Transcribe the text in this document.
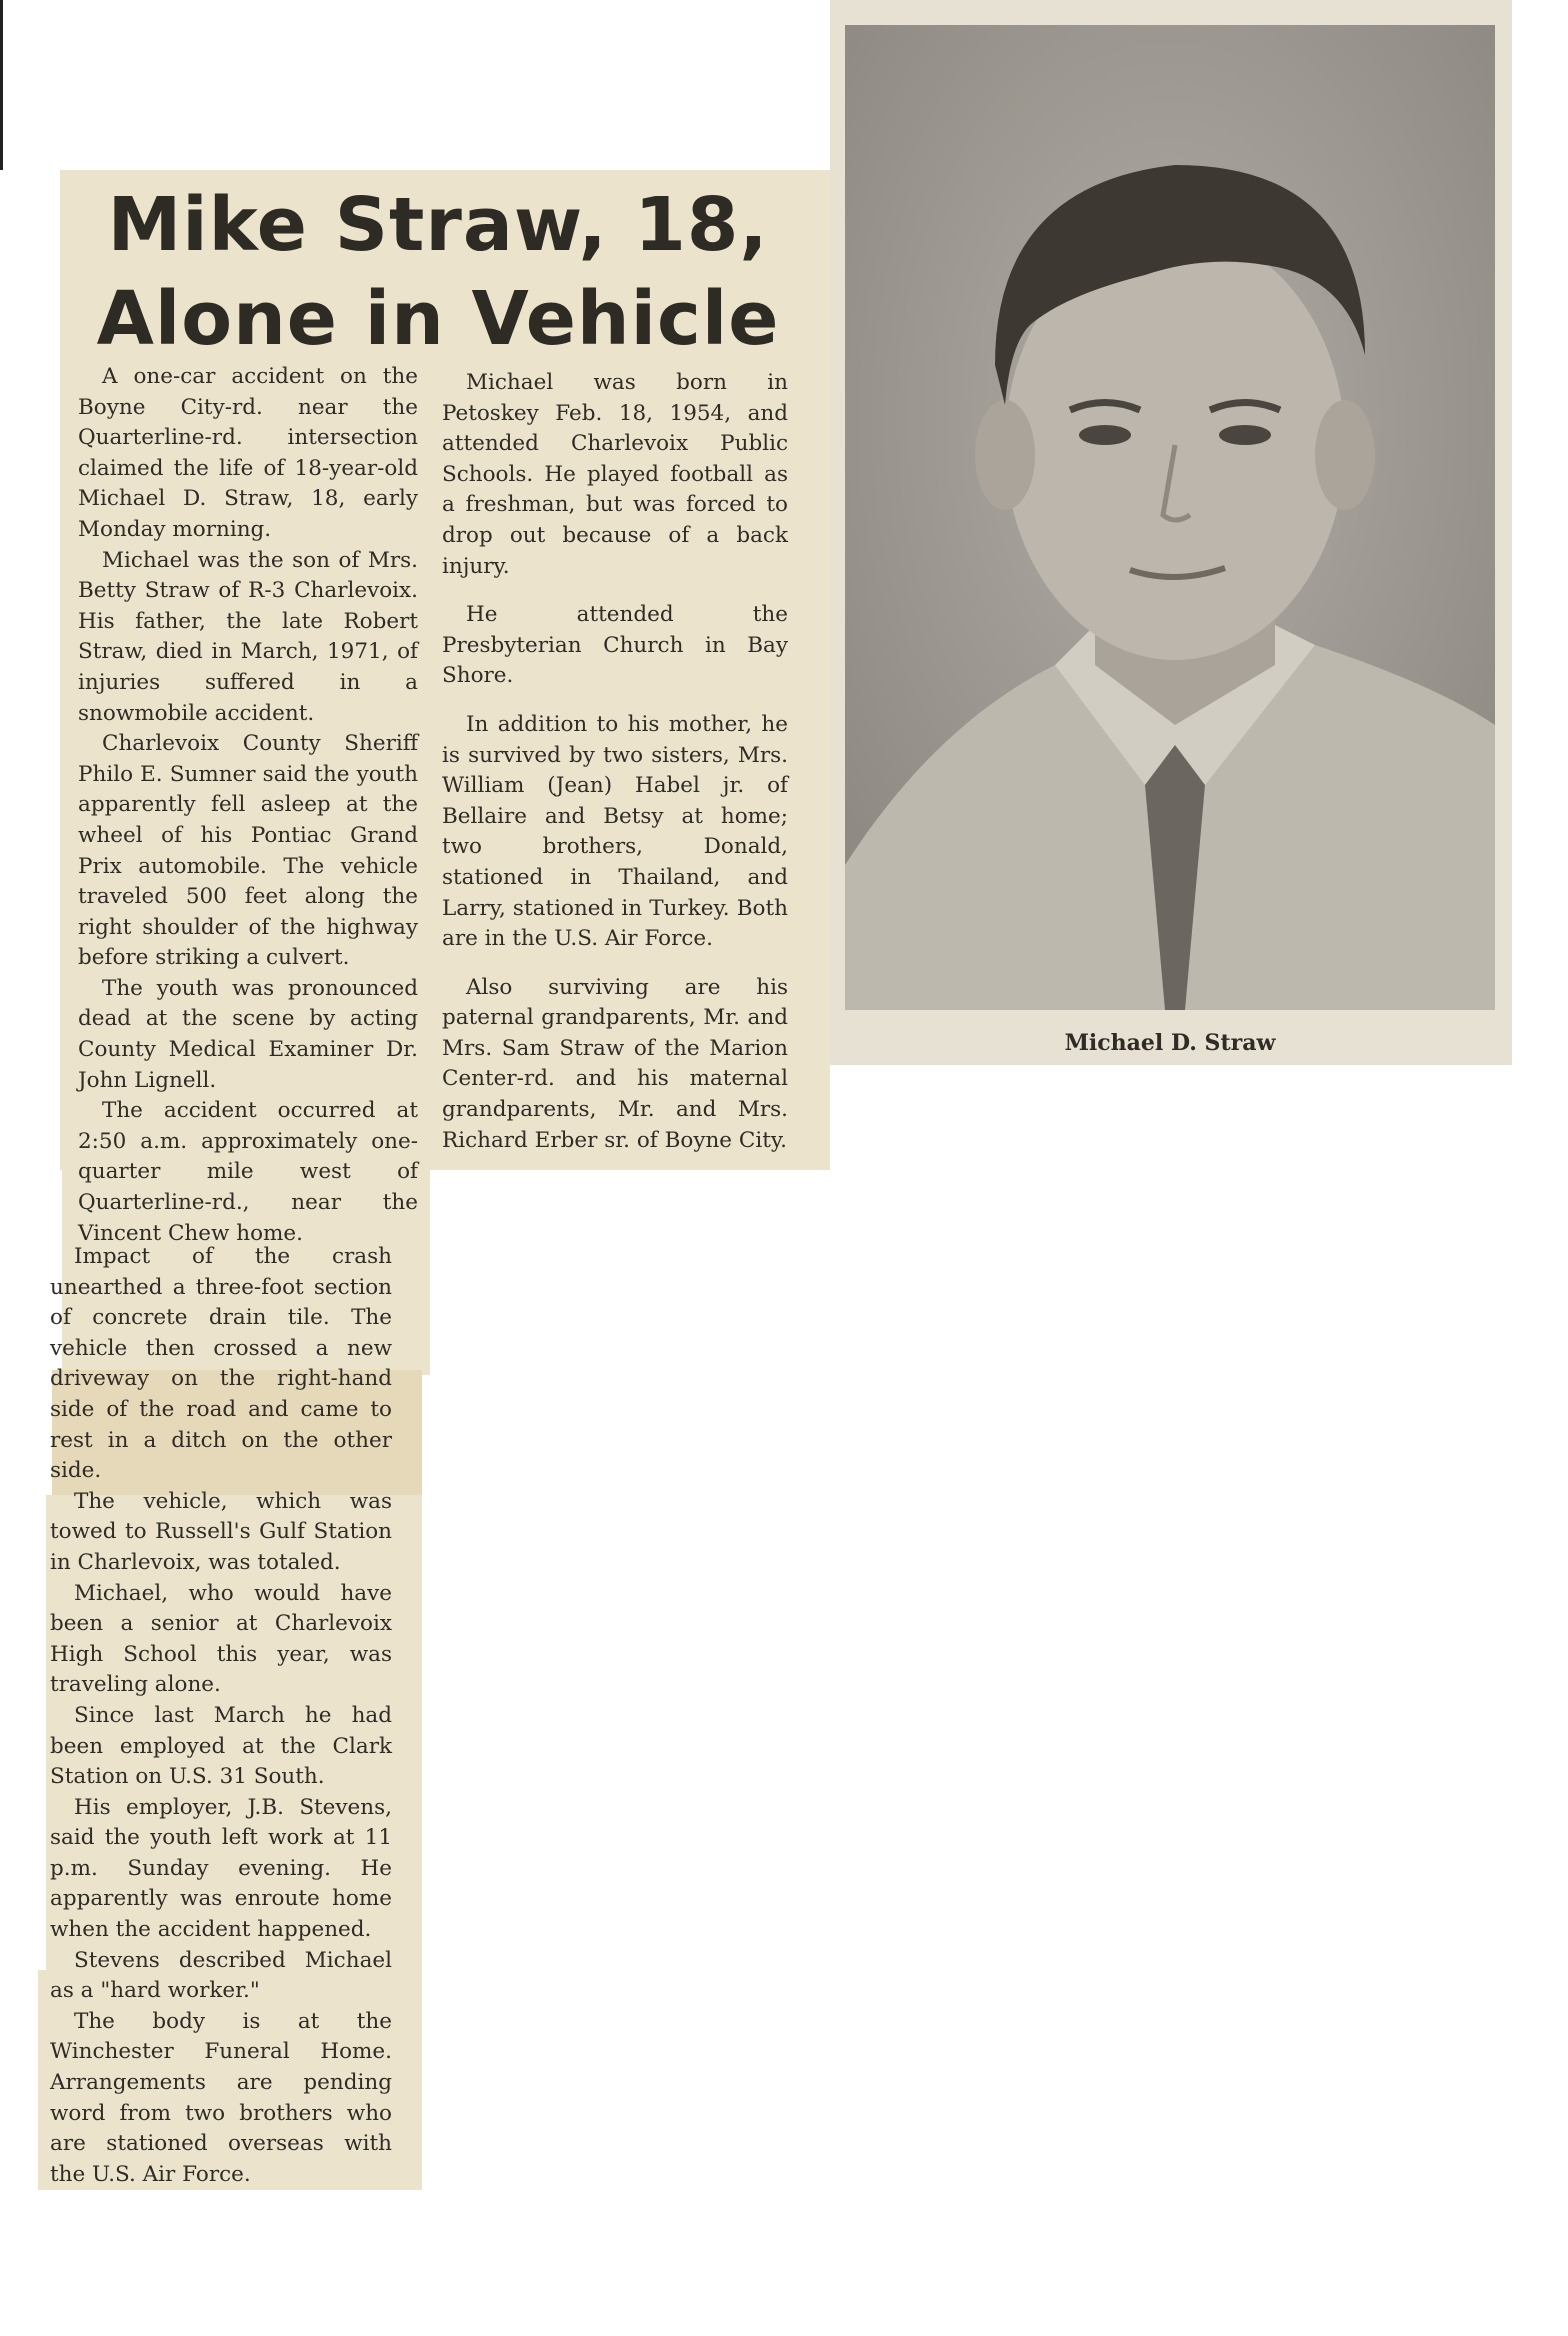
Mike Straw, 18,
Alone in Vehicle

A one-car accident on the Boyne City-rd. near the Quarterline-rd. intersection claimed the life of 18-year-old Michael D. Straw, 18, early Monday morning.

Michael was the son of Mrs. Betty Straw of R-3 Charlevoix. His father, the late Robert Straw, died in March, 1971, of injuries suffered in a snowmobile accident.

Charlevoix County Sheriff Philo E. Sumner said the youth apparently fell asleep at the wheel of his Pontiac Grand Prix automobile. The vehicle traveled 500 feet along the right shoulder of the highway before striking a culvert.

The youth was pronounced dead at the scene by acting County Medical Examiner Dr. John Lignell.

The accident occurred at 2:50 a.m. approximately one-quarter mile west of Quarterline-rd., near the Vincent Chew home.

Impact of the crash unearthed a three-foot section of concrete drain tile. The vehicle then crossed a new driveway on the right-hand side of the road and came to rest in a ditch on the other side.

The vehicle, which was towed to Russell's Gulf Station in Charlevoix, was totaled.

Michael, who would have been a senior at Charlevoix High School this year, was traveling alone.

Since last March he had been employed at the Clark Station on U.S. 31 South.

His employer, J.B. Stevens, said the youth left work at 11 p.m. Sunday evening. He apparently was enroute home when the accident happened.

Stevens described Michael as a "hard worker."

The body is at the Winchester Funeral Home. Arrangements are pending word from two brothers who are stationed overseas with the U.S. Air Force.

Michael was born in Petoskey Feb. 18, 1954, and attended Charlevoix Public Schools. He played football as a freshman, but was forced to drop out because of a back injury.

He attended the Presbyterian Church in Bay Shore.

In addition to his mother, he is survived by two sisters, Mrs. William (Jean) Habel jr. of Bellaire and Betsy at home; two brothers, Donald, stationed in Thailand, and Larry, stationed in Turkey. Both are in the U.S. Air Force.

Also surviving are his paternal grandparents, Mr. and Mrs. Sam Straw of the Marion Center-rd. and his maternal grandparents, Mr. and Mrs. Richard Erber sr. of Boyne City.

Michael D. Straw
